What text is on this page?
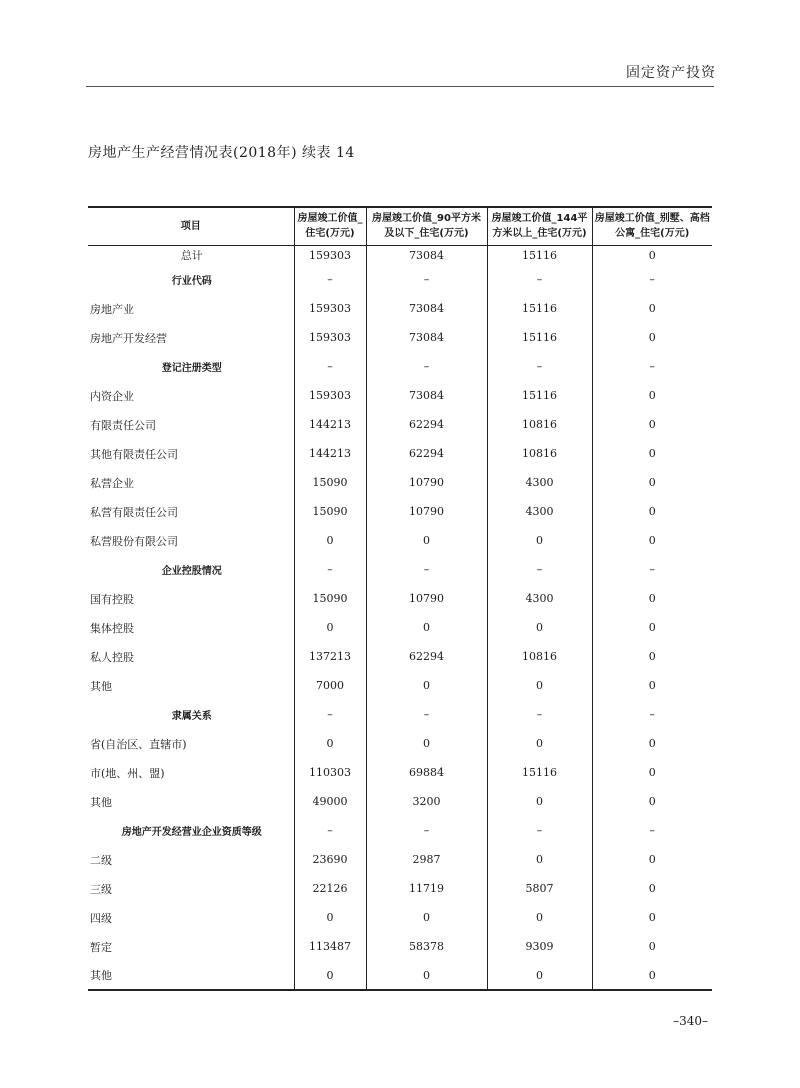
固定资产投资
房地产生产经营情况表(2018年) 续表 14
项目	房屋竣工价值_住宅(万元)	房屋竣工价值_90平方米及以下_住宅(万元)	房屋竣工价值_144平方米以上_住宅(万元)	房屋竣工价值_别墅、高档公寓_住宅(万元)
总计	159303	73084	15116	0
行业代码	–	–	–	–
房地产业	159303	73084	15116	0
房地产开发经营	159303	73084	15116	0
登记注册类型	–	–	–	–
内资企业	159303	73084	15116	0
有限责任公司	144213	62294	10816	0
其他有限责任公司	144213	62294	10816	0
私营企业	15090	10790	4300	0
私营有限责任公司	15090	10790	4300	0
私营股份有限公司	0	0	0	0
企业控股情况	–	–	–	–
国有控股	15090	10790	4300	0
集体控股	0	0	0	0
私人控股	137213	62294	10816	0
其他	7000	0	0	0
隶属关系	–	–	–	–
省(自治区、直辖市)	0	0	0	0
市(地、州、盟)	110303	69884	15116	0
其他	49000	3200	0	0
房地产开发经营业企业资质等级	–	–	–	–
二级	23690	2987	0	0
三级	22126	11719	5807	0
四级	0	0	0	0
暂定	113487	58378	9309	0
其他	0	0	0	0
–340–
